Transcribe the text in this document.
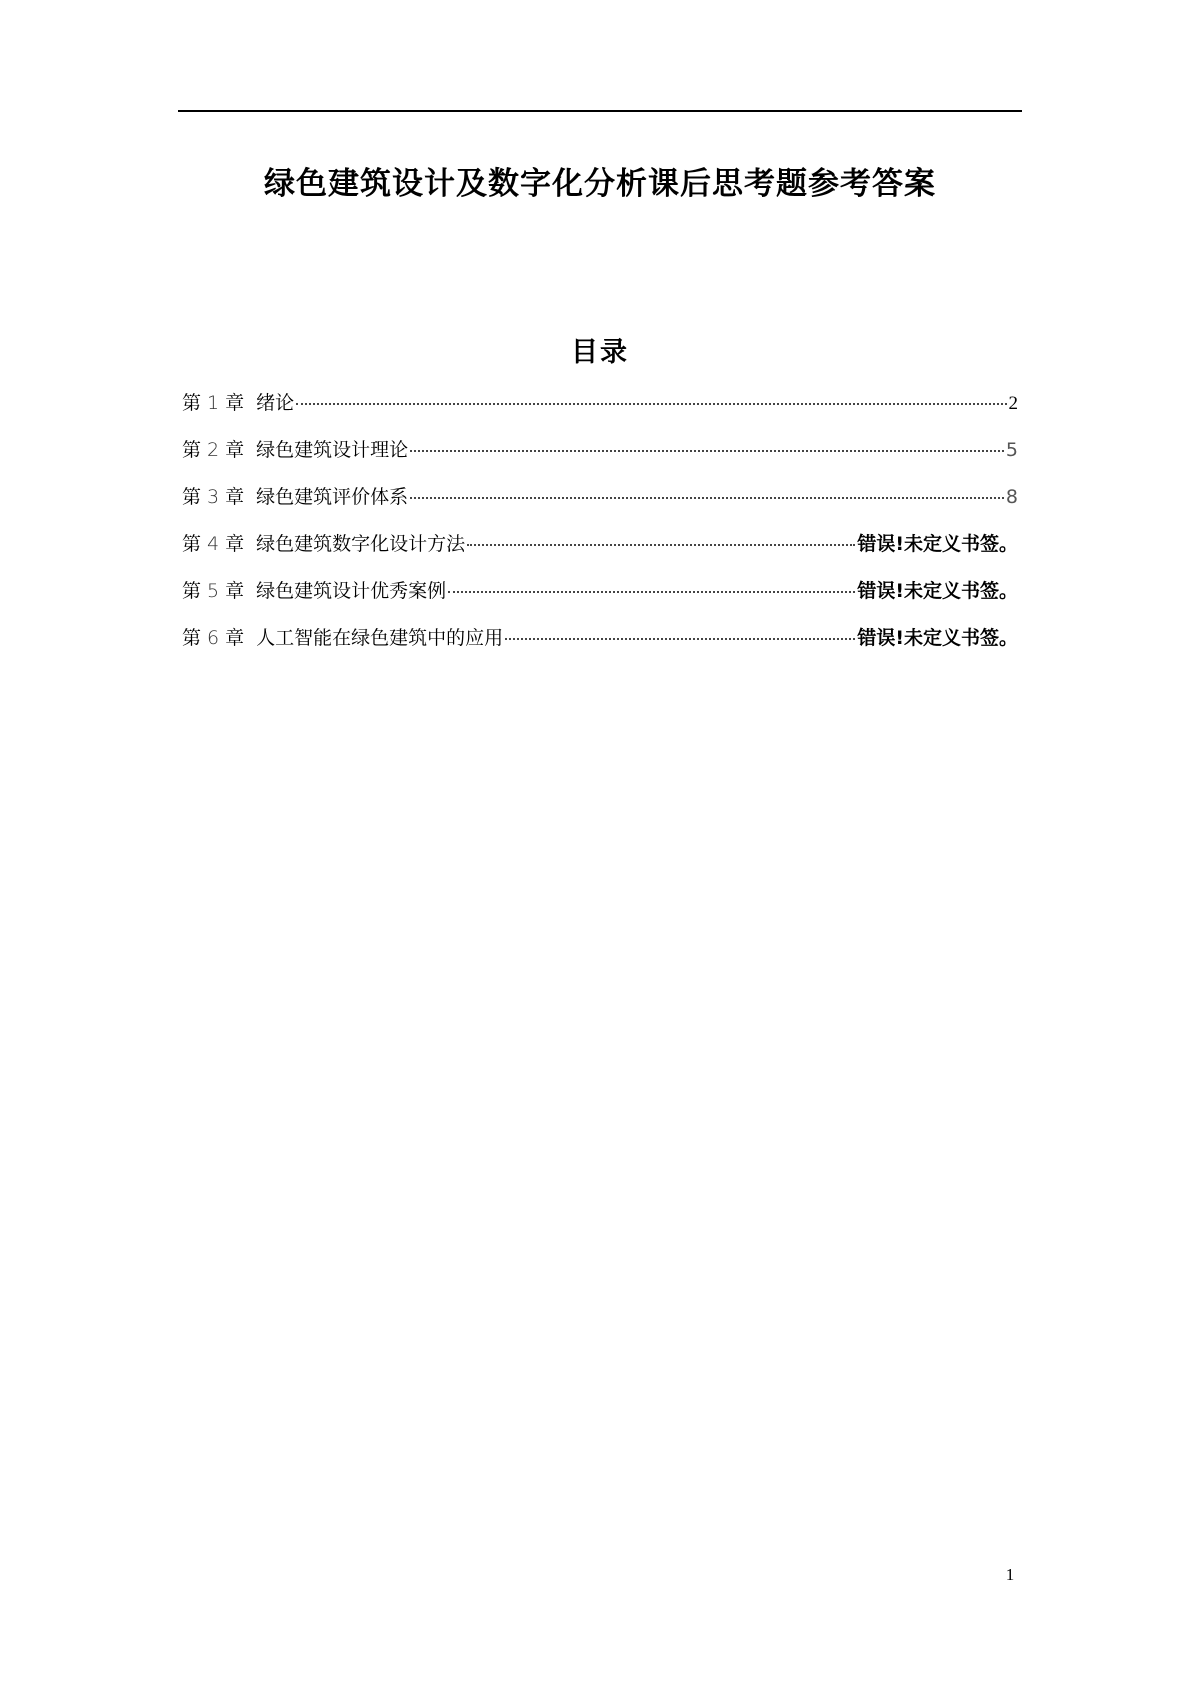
绿色建筑设计及数字化分析课后思考题参考答案
目录
第 1 章 绪论	2
第 2 章 绿色建筑设计理论	5
第 3 章 绿色建筑评价体系	8
第 4 章 绿色建筑数字化设计方法	错误!未定义书签。
第 5 章 绿色建筑设计优秀案例	错误!未定义书签。
第 6 章 人工智能在绿色建筑中的应用	错误!未定义书签。
1
